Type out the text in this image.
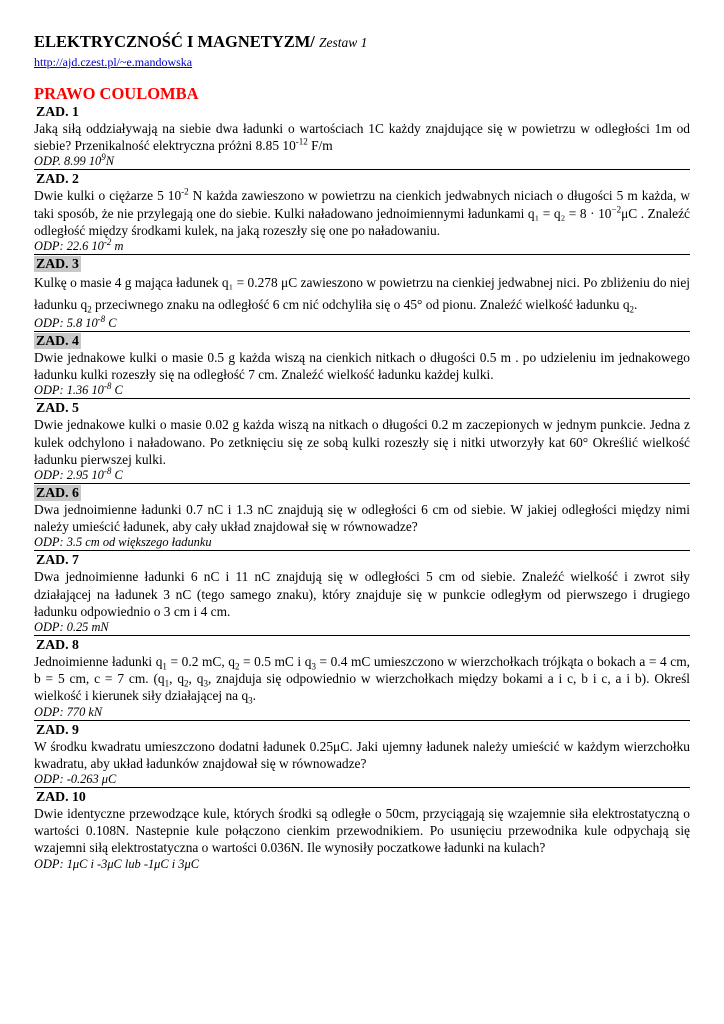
ELEKTRYCZNOŚĆ I MAGNETYZM/ Zestaw 1

http://ajd.czest.pl/~e.mandowska
PRAWO COULOMBA
ZAD. 1

Jaką siłą oddziaływają na siebie dwa ładunki o wartościach 1C każdy znajdujące się w powietrzu w odległości 1m od siebie? Przenikalność elektryczna próżni 8.85 $10^{-12}$ F/m

ODP. 8.99 $10^9N$
ZAD. 2

Dwie kulki o ciężarze 5 $10^{-2}$ N każda zawieszono w powietrzu na cienkich jedwabnych niciach o długości 5 m każda, w taki sposób, że nie przylegają one do siebie. Kulki naładowano jednoimiennymi ładunkami $q_1 = q_2 = 8 \cdot 10^{-2}\mu C$ . Znaleźć odległość między środkami kulek, na jaką rozeszły się one po naładowaniu.

ODP: 22.6 $10^{-2}$ m
ZAD. 3

Kulkę o masie 4 g mająca ładunek q₁ = 0.278 μC zawieszono w powietrzu na cienkiej jedwabnej nici. Po zbliżeniu do niej ładunku $q_2$ przeciwnego znaku na odległość 6 cm nić odchyliła się o 45° od pionu. Znaleźć wielkość ładunku $q_2$.

ODP: 5.8 $10^{-8}$ C
ZAD. 4

Dwie jednakowe kulki o masie 0.5 g każda wiszą na cienkich nitkach o długości 0.5 m . po udzieleniu im jednakowego ładunku kulki rozeszły się na odległość 7 cm. Znaleźć wielkość ładunku każdej kulki.

ODP: 1.36 $10^{-8}$ C
ZAD. 5

Dwie jednakowe kulki o masie 0.02 g każda wiszą na nitkach o długości 0.2 m zaczepionych w jednym punkcie. Jedna z kulek odchylono i naładowano. Po zetknięciu się ze sobą kulki rozeszły się i nitki utworzyły kat 60° Określić wielkość ładunku pierwszej kulki.

ODP: 2.95 $10^{-8}$ C
ZAD. 6

Dwa jednoimienne ładunki 0.7 nC i 1.3 nC znajdują się w odległości 6 cm od siebie. W jakiej odległości między nimi należy umieścić ładunek, aby cały układ znajdował się w równowadze?

ODP: 3.5 cm od większego ładunku
ZAD. 7

Dwa jednoimienne ładunki 6 nC i 11 nC znajdują się w odległości 5 cm od siebie. Znaleźć wielkość i zwrot siły działającej na ładunek 3 nC (tego samego znaku), który znajduje się w punkcie odległym od pierwszego i drugiego ładunku odpowiednio o 3 cm i 4 cm.

ODP: 0.25 mN
ZAD. 8

Jednoimienne ładunki $q_1 = 0.2$ mC, $q_2 = 0.5$ mC i $q_3 = 0.4$ mC umieszczono w wierzchołkach trójkąta o bokach a = 4 cm, b = 5 cm, c = 7 cm. ($q_1$, $q_2$, $q_3$, znajduja się odpowiednio w wierzchołkach między bokami a i c, b i c, a i b). Określ wielkość i kierunek siły działającej na $q_3$.

ODP: 770 kN
ZAD. 9

W środku kwadratu umieszczono dodatni ładunek 0.25μC. Jaki ujemny ładunek należy umieścić w każdym wierzchołku kwadratu, aby układ ładunków znajdował się w równowadze?

ODP: -0.263 μC
ZAD. 10

Dwie identyczne przewodzące kule, których środki są odległe o 50cm, przyciągają się wzajemnie siła elektrostatyczną o wartości 0.108N. Nastepnie kule połączono cienkim przewodnikiem. Po usunięciu przewodnika kule odpychają się wzajemni siłą elektrostatyczna o wartości 0.036N. Ile wynosiły poczatkowe ładunki na kulach?

ODP: 1μC i -3μC lub -1μC i 3μC
